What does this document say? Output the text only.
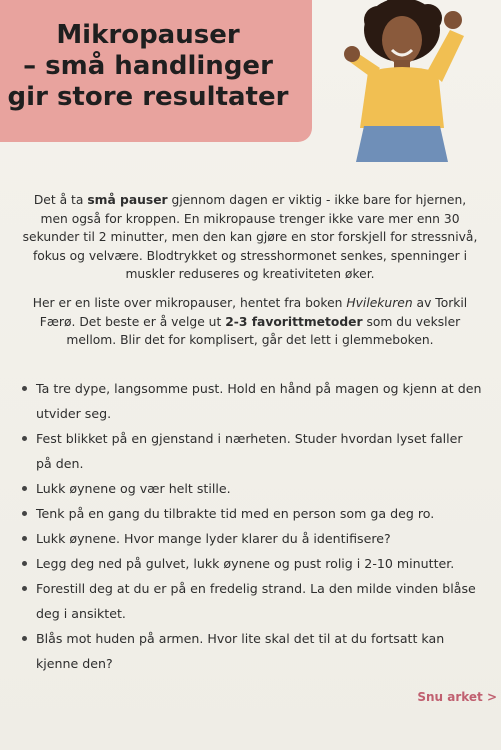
Mikropauser
– små handlinger
gir store resultater

Det å ta små pauser gjennom dagen er viktig - ikke bare for hjernen, men også for kroppen. En mikropause trenger ikke vare mer enn 30 sekunder til 2 minutter, men den kan gjøre en stor forskjell for stressnivå, fokus og velvære. Blodtrykket og stresshormonet senkes, spenninger i muskler reduseres og kreativiteten øker.

Her er en liste over mikropauser, hentet fra boken Hvilekuren av Torkil Færø. Det beste er å velge ut 2-3 favorittmetoder som du veksler mellom. Blir det for komplisert, går det lett i glemmeboken.

Ta tre dype, langsomme pust. Hold en hånd på magen og kjenn at den utvider seg.
Fest blikket på en gjenstand i nærheten. Studer hvordan lyset faller på den.
Lukk øynene og vær helt stille.
Tenk på en gang du tilbrakte tid med en person som ga deg ro.
Lukk øynene. Hvor mange lyder klarer du å identifisere?
Legg deg ned på gulvet, lukk øynene og pust rolig i 2-10 minutter.
Forestill deg at du er på en fredelig strand. La den milde vinden blåse deg i ansiktet.
Blås mot huden på armen. Hvor lite skal det til at du fortsatt kan kjenne den?
Snu arket >
